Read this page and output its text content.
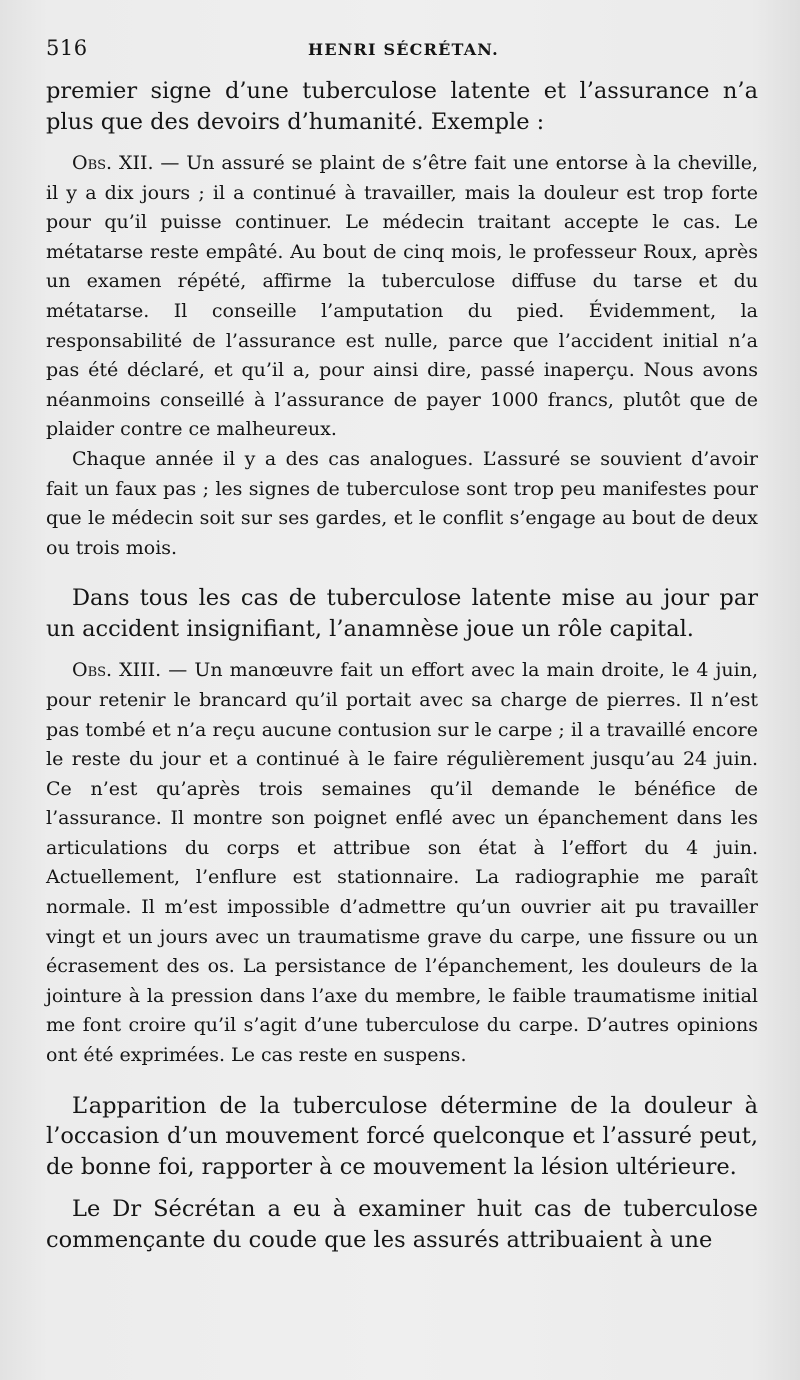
516	HENRI SÉCRÉTAN.

premier signe d’une tuberculose latente et l’assurance n’a plus que des devoirs d’humanité. Exemple :

Obs. XII. — Un assuré se plaint de s’être fait une entorse à la cheville, il y a dix jours ; il a continué à travailler, mais la douleur est trop forte pour qu’il puisse continuer. Le médecin traitant accepte le cas. Le métatarse reste empâté. Au bout de cinq mois, le professeur Roux, après un examen répété, affirme la tuberculose diffuse du tarse et du métatarse. Il conseille l’amputation du pied. Évidemment, la responsabilité de l’assurance est nulle, parce que l’accident initial n’a pas été déclaré, et qu’il a, pour ainsi dire, passé inaperçu. Nous avons néanmoins conseillé à l’assurance de payer 1000 francs, plutôt que de plaider contre ce malheureux.

Chaque année il y a des cas analogues. L’assuré se souvient d’avoir fait un faux pas ; les signes de tuberculose sont trop peu manifestes pour que le médecin soit sur ses gardes, et le conflit s’engage au bout de deux ou trois mois.

Dans tous les cas de tuberculose latente mise au jour par un accident insignifiant, l’anamnèse joue un rôle capital.

Obs. XIII. — Un manœuvre fait un effort avec la main droite, le 4 juin, pour retenir le brancard qu’il portait avec sa charge de pierres. Il n’est pas tombé et n’a reçu aucune contusion sur le carpe ; il a travaillé encore le reste du jour et a continué à le faire régulièrement jusqu’au 24 juin. Ce n’est qu’après trois semaines qu’il demande le bénéfice de l’assurance. Il montre son poignet enflé avec un épanchement dans les articulations du corps et attribue son état à l’effort du 4 juin. Actuellement, l’enflure est stationnaire. La radiographie me paraît normale. Il m’est impossible d’admettre qu’un ouvrier ait pu travailler vingt et un jours avec un traumatisme grave du carpe, une fissure ou un écrasement des os. La persistance de l’épanchement, les douleurs de la jointure à la pression dans l’axe du membre, le faible traumatisme initial me font croire qu’il s’agit d’une tuberculose du carpe. D’autres opinions ont été exprimées. Le cas reste en suspens.

L’apparition de la tuberculose détermine de la douleur à l’occasion d’un mouvement forcé quelconque et l’assuré peut, de bonne foi, rapporter à ce mouvement la lésion ultérieure.

Le Dr Sécrétan a eu à examiner huit cas de tuberculose commençante du coude que les assurés attribuaient à une
